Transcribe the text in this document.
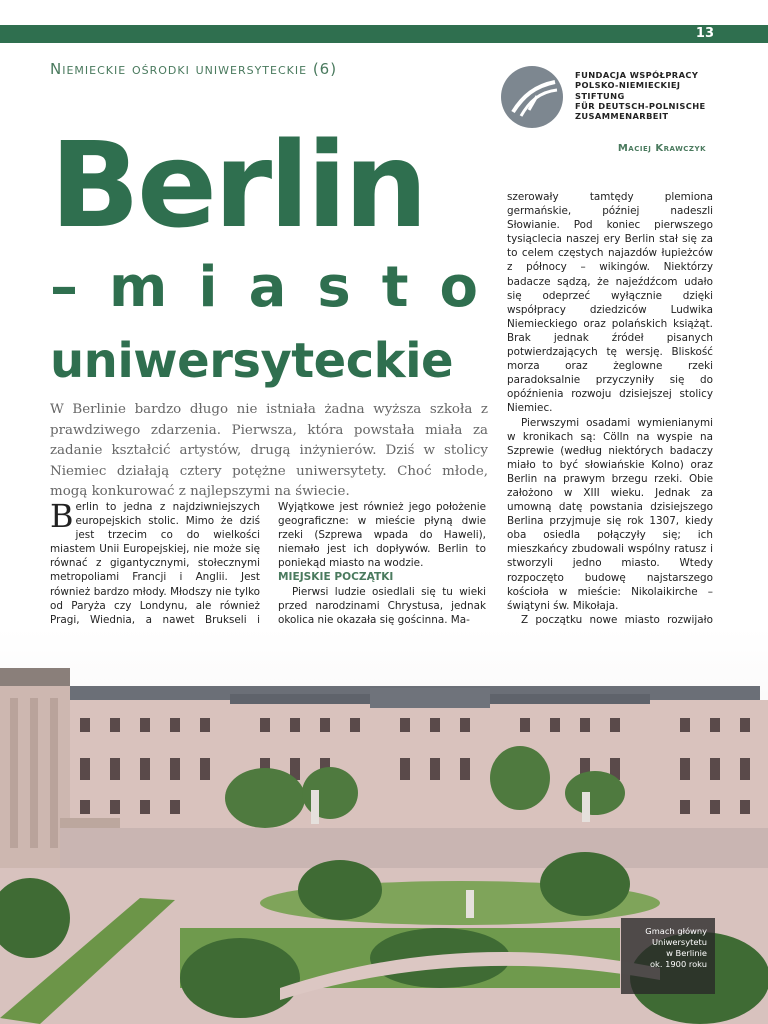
13
Niemieckie ośrodki uniwersyteckie (6)	FUNDACJA WSPÓŁPRACY
POLSKO-NIEMIECKIEJ
STIFTUNG
FÜR DEUTSCH-POLNISCHE
ZUSAMMENARBEIT
Maciej Krawczyk
Berlin
– m i a s t o
uniwersyteckie
W Berlinie bardzo długo nie istniała żadna wyższa szkoła z prawdziwego zdarzenia. Pierwsza, która powstała miała za zadanie kształcić artystów, drugą inżynierów. Dziś w stolicy Niemiec działają cztery potężne uniwersytety. Choć młode, mogą konkurować z najlepszymi na świecie.

Berlin to jedna z najdziwniejszych europejskich stolic. Mimo że dziś jest trzecim co do wielkości miastem Unii Europejskiej, nie może się równać z gigantycznymi, stołecznymi metropoliami Francji i Anglii. Jest również bardzo młody. Młodszy nie tylko od Paryża czy Londynu, ale również Pragi, Wiednia, a nawet Brukseli i

Wyjątkowe jest również jego położenie geograficzne: w mieście płyną dwie rzeki (Szprewa wpada do Haweli), niemało jest ich dopływów. Berlin to poniekąd miasto na wodzie.

MIEJSKIE POCZĄTKI

Pierwsi ludzie osiedlali się tu wieki przed narodzinami Chrystusa, jednak okolica nie okazała się gościnna. Ma-

szerowały tamtędy plemiona germańskie, później nadeszli Słowianie. Pod koniec pierwszego tysiąclecia naszej ery Berlin stał się za to celem częstych najazdów łupieżców z północy – wikingów. Niektórzy badacze sądzą, że najeźdźcom udało się odeprzeć wyłącznie dzięki współpracy dziedziców Ludwika Niemieckiego oraz polańskich książąt. Brak jednak źródeł pisanych potwierdzających tę wersję. Bliskość morza oraz żeglowne rzeki paradoksalnie przyczyniły się do opóźnienia rozwoju dzisiejszej stolicy Niemiec.

Pierwszymi osadami wymienianymi w kronikach są: Cölln na wyspie na Szprewie (według niektórych badaczy miało to być słowiańskie Kolno) oraz Berlin na prawym brzegu rzeki. Obie założono w XIII wieku. Jednak za umowną datę powstania dzisiejszego Berlina przyjmuje się rok 1307, kiedy oba osiedla połączyły się; ich mieszkańcy zbudowali wspólny ratusz i stworzyli jedno miasto. Wtedy rozpoczęto budowę najstarszego kościoła w mieście: Nikolaikirche – świątyni św. Mikołaja.

Z początku nowe miasto rozwijało

Gmach główny
Uniwersytetu
w Berlinie
ok. 1900 roku
